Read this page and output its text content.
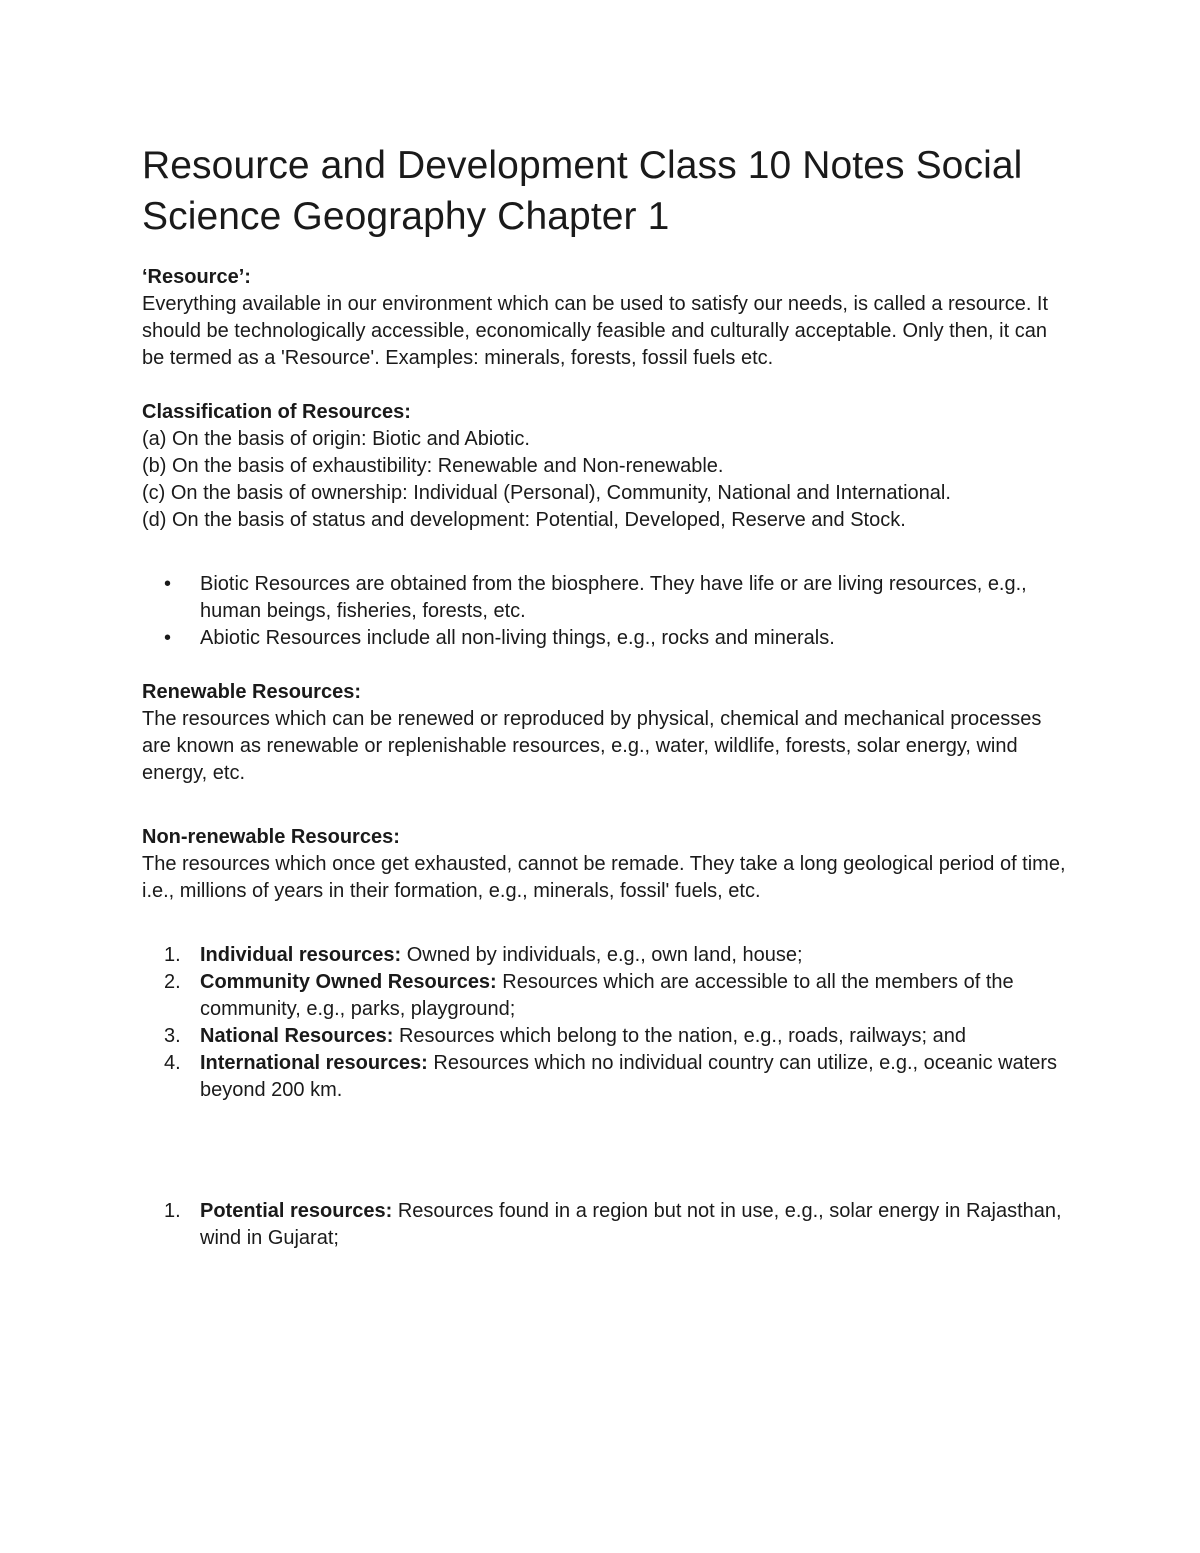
Resource and Development Class 10 Notes Social Science Geography Chapter 1
‘Resource’:

Everything available in our environment which can be used to satisfy our needs, is called a resource. It should be technologically accessible, economically feasible and culturally acceptable. Only then, it can be termed as a 'Resource'. Examples: minerals, forests, fossil fuels etc.

Classification of Resources:

(a) On the basis of origin: Biotic and Abiotic.

(b) On the basis of exhaustibility: Renewable and Non-renewable.

(c) On the basis of ownership: Individual (Personal), Community, National and International.

(d) On the basis of status and development: Potential, Developed, Reserve and Stock.

• Biotic Resources are obtained from the biosphere. They have life or are living resources, e.g., human beings, fisheries, forests, etc.
• Abiotic Resources include all non-living things, e.g., rocks and minerals.
Renewable Resources:

The resources which can be renewed or reproduced by physical, chemical and mechanical processes are known as renewable or replenishable resources, e.g., water, wildlife, forests, solar energy, wind energy, etc.

Non-renewable Resources:

The resources which once get exhausted, cannot be remade. They take a long geological period of time, i.e., millions of years in their formation, e.g., minerals, fossil' fuels, etc.

1. Individual resources: Owned by individuals, e.g., own land, house;
2. Community Owned Resources: Resources which are accessible to all the members of the community, e.g., parks, playground;
3. National Resources: Resources which belong to the nation, e.g., roads, railways; and
4. International resources: Resources which no individual country can utilize, e.g., oceanic waters beyond 200 km.
1. Potential resources: Resources found in a region but not in use, e.g., solar energy in Rajasthan,
wind in Gujarat;
